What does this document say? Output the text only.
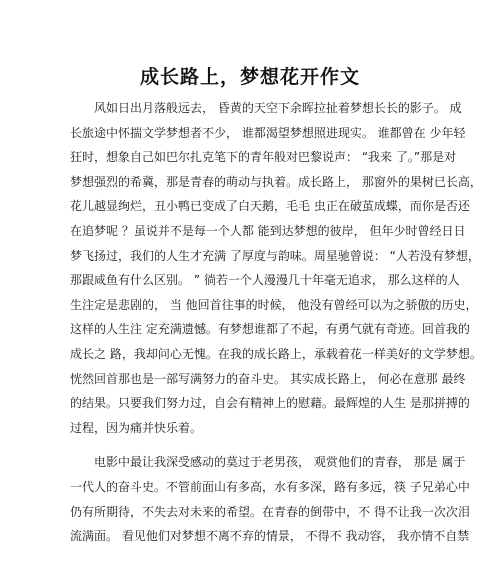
成长路上，梦想花开作文
风如日出月落般远去， 昏黄的天空下余晖拉扯着梦想长长的影子。 成
长旅途中怀揣文学梦想者不少， 谁都渴望梦想照进现实。 谁都曾在 少年轻
狂时，想象自己如巴尔扎克笔下的青年般对巴黎说声： “我来 了。”那是对
梦想强烈的希冀，那是青春的萌动与执着。成长路上， 那窗外的果树已长高，
花儿越显绚烂，丑小鸭已变成了白天鹅，毛毛 虫正在破茧成蝶，而你是否还
在追梦呢 ？虽说并不是每一个人都 能到达梦想的彼岸， 但年少时曾经日日
梦飞扬过，我们的人生才充满 了厚度与韵味。周星驰曾说： “人若没有梦想，
那跟咸鱼有什么区别。 ” 徜若一个人漫漫几十年毫无追求， 那么这样的人
生注定是悲剧的， 当 他回首往事的时候， 他没有曾经可以为之骄傲的历史，
这样的人生注 定充满遗憾。有梦想谁都了不起，有勇气就有奇迹。回首我的
成长之 路，我却问心无愧。在我的成长路上，承载着花一样美好的文学梦想。
恍然回首那也是一部写满努力的奋斗史。 其实成长路上， 何必在意那 最终
的结果。只要我们努力过，自会有精神上的慰藉。最辉煌的人生 是那拼搏的
过程，因为痛并快乐着。
电影中最让我深受感动的莫过于老男孩， 观赏他们的青春， 那是 属于
一代人的奋斗史。不管前面山有多高，水有多深，路有多远，筷 子兄弟心中
仍有所期待，不失去对未来的希望。在青春的倒带中，不 得不让我一次次泪
流满面。 看见他们对梦想不离不弃的情景， 不得不 我动容， 我亦情不自禁
